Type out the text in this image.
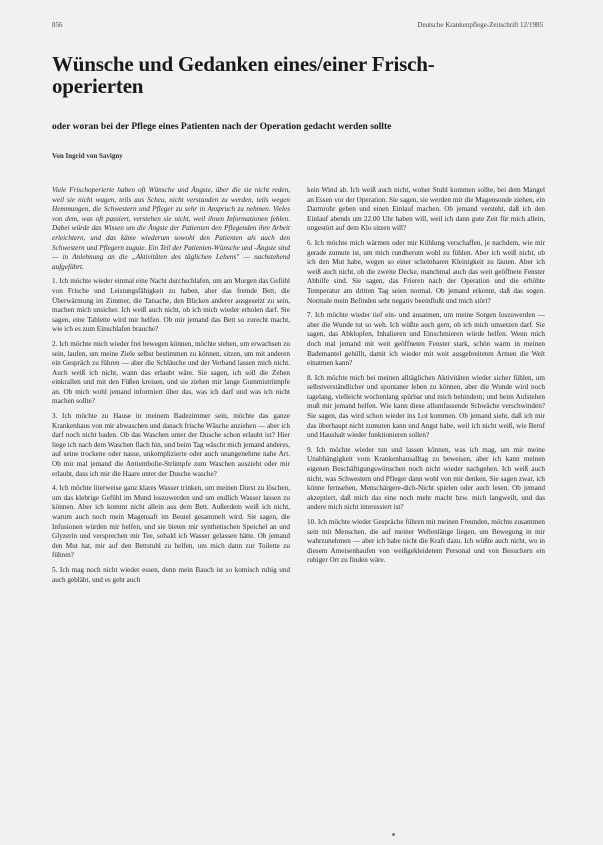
856	Deutsche Krankenpflege-Zeitschrift 12/1985
Wünsche und Gedanken eines/einer Frisch-
operierten
oder woran bei der Pflege eines Patienten nach der Operation gedacht werden sollte
Von Ingrid von Savigny

Viele Frischoperierte haben oft Wünsche und Ängste, über die sie nicht reden, weil sie nicht wagen, teils aus Scheu, nicht verstanden zu werden, teils wegen Hemmungen, die Schwestern und Pfleger zu sehr in Anspruch zu nehmen. Vieles von dem, was oft passiert, verstehen sie nicht, weil ihnen Informationen fehlen. Dabei würde das Wissen um die Ängste der Patienten den Pflegenden ihre Arbeit erleichtern, und das käme wiederum sowohl den Patienten als auch den Schwestern und Pflegern zugute. Ein Teil der Patienten-Wünsche und -Ängste sind — in Anlehnung an die „Aktivitäten des täglichen Lebens" — nachstehend aufgeführt.

1. Ich möchte wieder einmal eine Nacht durchschlafen, um am Morgen das Gefühl von Frische und Leistungsfähigkeit zu haben, aber das fremde Bett, die Überwärmung im Zimmer, die Tatsache, den Blicken anderer ausgesetzt zu sein, machen mich unsicher. Ich weiß auch nicht, ob ich mich wieder erholen darf. Sie sagen, eine Tablette wird mir helfen. Ob mir jemand das Bett so zurecht macht, wie ich es zum Einschlafen brauche?

2. Ich möchte mich wieder frei bewegen können, möchte stehen, um erwachsen zu sein, laufen, um meine Ziele selbst bestimmen zu können, sitzen, um mit anderen ein Gespräch zu führen — aber die Schläuche und der Verband lassen mich nicht. Auch weiß ich nicht, wann das erlaubt wäre. Sie sagen, ich soll die Zehen einkrallen und mit den Füßen kreisen, und sie ziehen mir lange Gummistrümpfe an. Ob mich wohl jemand informiert über das, was ich darf und was ich nicht machen sollte?

3. Ich möchte zu Hause in meinem Badezimmer sein, möchte das ganze Krankenhaus von mir abwaschen und danach frische Wäsche anziehen — aber ich darf noch nicht baden. Ob das Waschen unter der Dusche schon erlaubt ist? Hier liege ich nach dem Waschen flach hin, und beim Tag wäscht mich jemand anderes, auf seine trockene oder nasse, unkomplizierte oder auch unangenehme nahe Art. Ob mir mal jemand die Antiembolie-Strümpfe zum Waschen auszieht oder mir erlaubt, dass ich mir die Haare unter der Dusche wasche?

4. Ich möchte literweise ganz klares Wasser trinken, um meinen Durst zu löschen, um das klebrige Gefühl im Mund loszuwerden und um endlich Wasser lassen zu können. Aber ich kommt nicht allein aus dem Bett. Außerdem weiß ich nicht, warum auch noch mein Magensaft im Beutel gesammelt wird. Sie sagen, die Infusionen würden mir helfen, und sie bieten mir synthetischen Speichel an und Glyzerin und versprechen mir Tee, sobald ich Wasser gelassen hätte. Ob jemand den Mut hat, mir auf den Bettstuhl zu helfen, um mich dann zur Toilette zu führen?

5. Ich mag noch nicht wieder essen, denn mein Bauch ist so komisch ruhig und auch gebläht, und es geht auch

kein Wind ab. Ich weiß auch nicht, woher Stuhl kommen sollte, bei dem Mangel an Essen vor der Operation. Sie sagen, sie werden mir die Magensonde ziehen, ein Darmrohr geben und einen Einlauf machen. Ob jemand versteht, daß ich den Einlauf abends um 22.00 Uhr haben will, weil ich dann gute Zeit für mich allein, ungestört auf dem Klo sitzen will?

6. Ich möchte mich wärmen oder mir Kühlung verschaffen, je nachdem, wie mir gerade zumute ist, um mich rundherum wohl zu fühlen. Aber ich weiß nicht, ob ich den Mut habe, wegen so einer scheinbaren Kleinigkeit zu läuten. Aber ich weiß auch nicht, ob die zweite Decke, manchmal auch das weit geöffnete Fenster Abhilfe sind. Sie sagen, das Frieren nach der Operation und die erhöhte Temperatur am dritten Tag seien normal. Ob jemand erkennt, daß das sogen. Normale mein Befinden sehr negativ beeinflußt und mich stört?

7. Ich möchte wieder tief ein- und ausatmen, um meine Sorgen loszuwerden — aber die Wunde tut so weh. Ich wüßte auch gern, ob ich mich umsetzen darf. Sie sagen, das Abklopfen, Inhalieren und Einschmieren würde helfen. Wenn mich doch mal jemand mit weit geöffneten Fenster stark, schön warm in meinen Bademantel gehüllt, damit ich wieder mit weit ausgebreiteten Armen die Welt einatmen kann?

8. Ich möchte mich bei meinen alltäglichen Aktivitäten wieder sicher fühlen, um selbstverständlicher und spontaner leben zu können, aber die Wunde wird noch tagelang, vielleicht wochenlang spürbar und mich behindern; und beim Aufstehen muß mir jemand helfen. Wie kann diese allumfassende Schwäche verschwinden? Sie sagen, das wird schon wieder ins Lot kommen. Ob jemand sieht, daß ich mir das überhaupt nicht zumuten kann und Angst habe, weil ich nicht weiß, wie Beruf und Haushalt wieder funktionieren sollen?

9. Ich möchte wieder tun und lassen können, was ich mag, um mir meine Unabhängigkeit vom Krankenhausalltag zu beweisen, aber ich kann meinen eigenen Beschäftigungswünschen noch nicht wieder nachgehen. Ich weiß auch nicht, was Schwestern und Pfleger dann wohl von mir denken. Sie sagen zwar, ich könne fernsehen, Menschärgere-dich-Nicht spielen oder auch lesen. Ob jemand akzeptiert, daß mich das eine noch mehr macht bzw. mich langweilt, und das andere mich nicht interessiert ist?

10. Ich möchte wieder Gespräche führen mit meinen Freunden, möchte zusammen sein mit Menschen, die auf meiner Wellenlänge liegen, um Bewegung in mir wahrzunehmen — aber ich habe nicht die Kraft dazu. Ich wüßte auch nicht, wo in diesem Ameisenhaufen von weißgekleidetem Personal und von Besuchern ein ruhiger Ort zu finden wäre.
